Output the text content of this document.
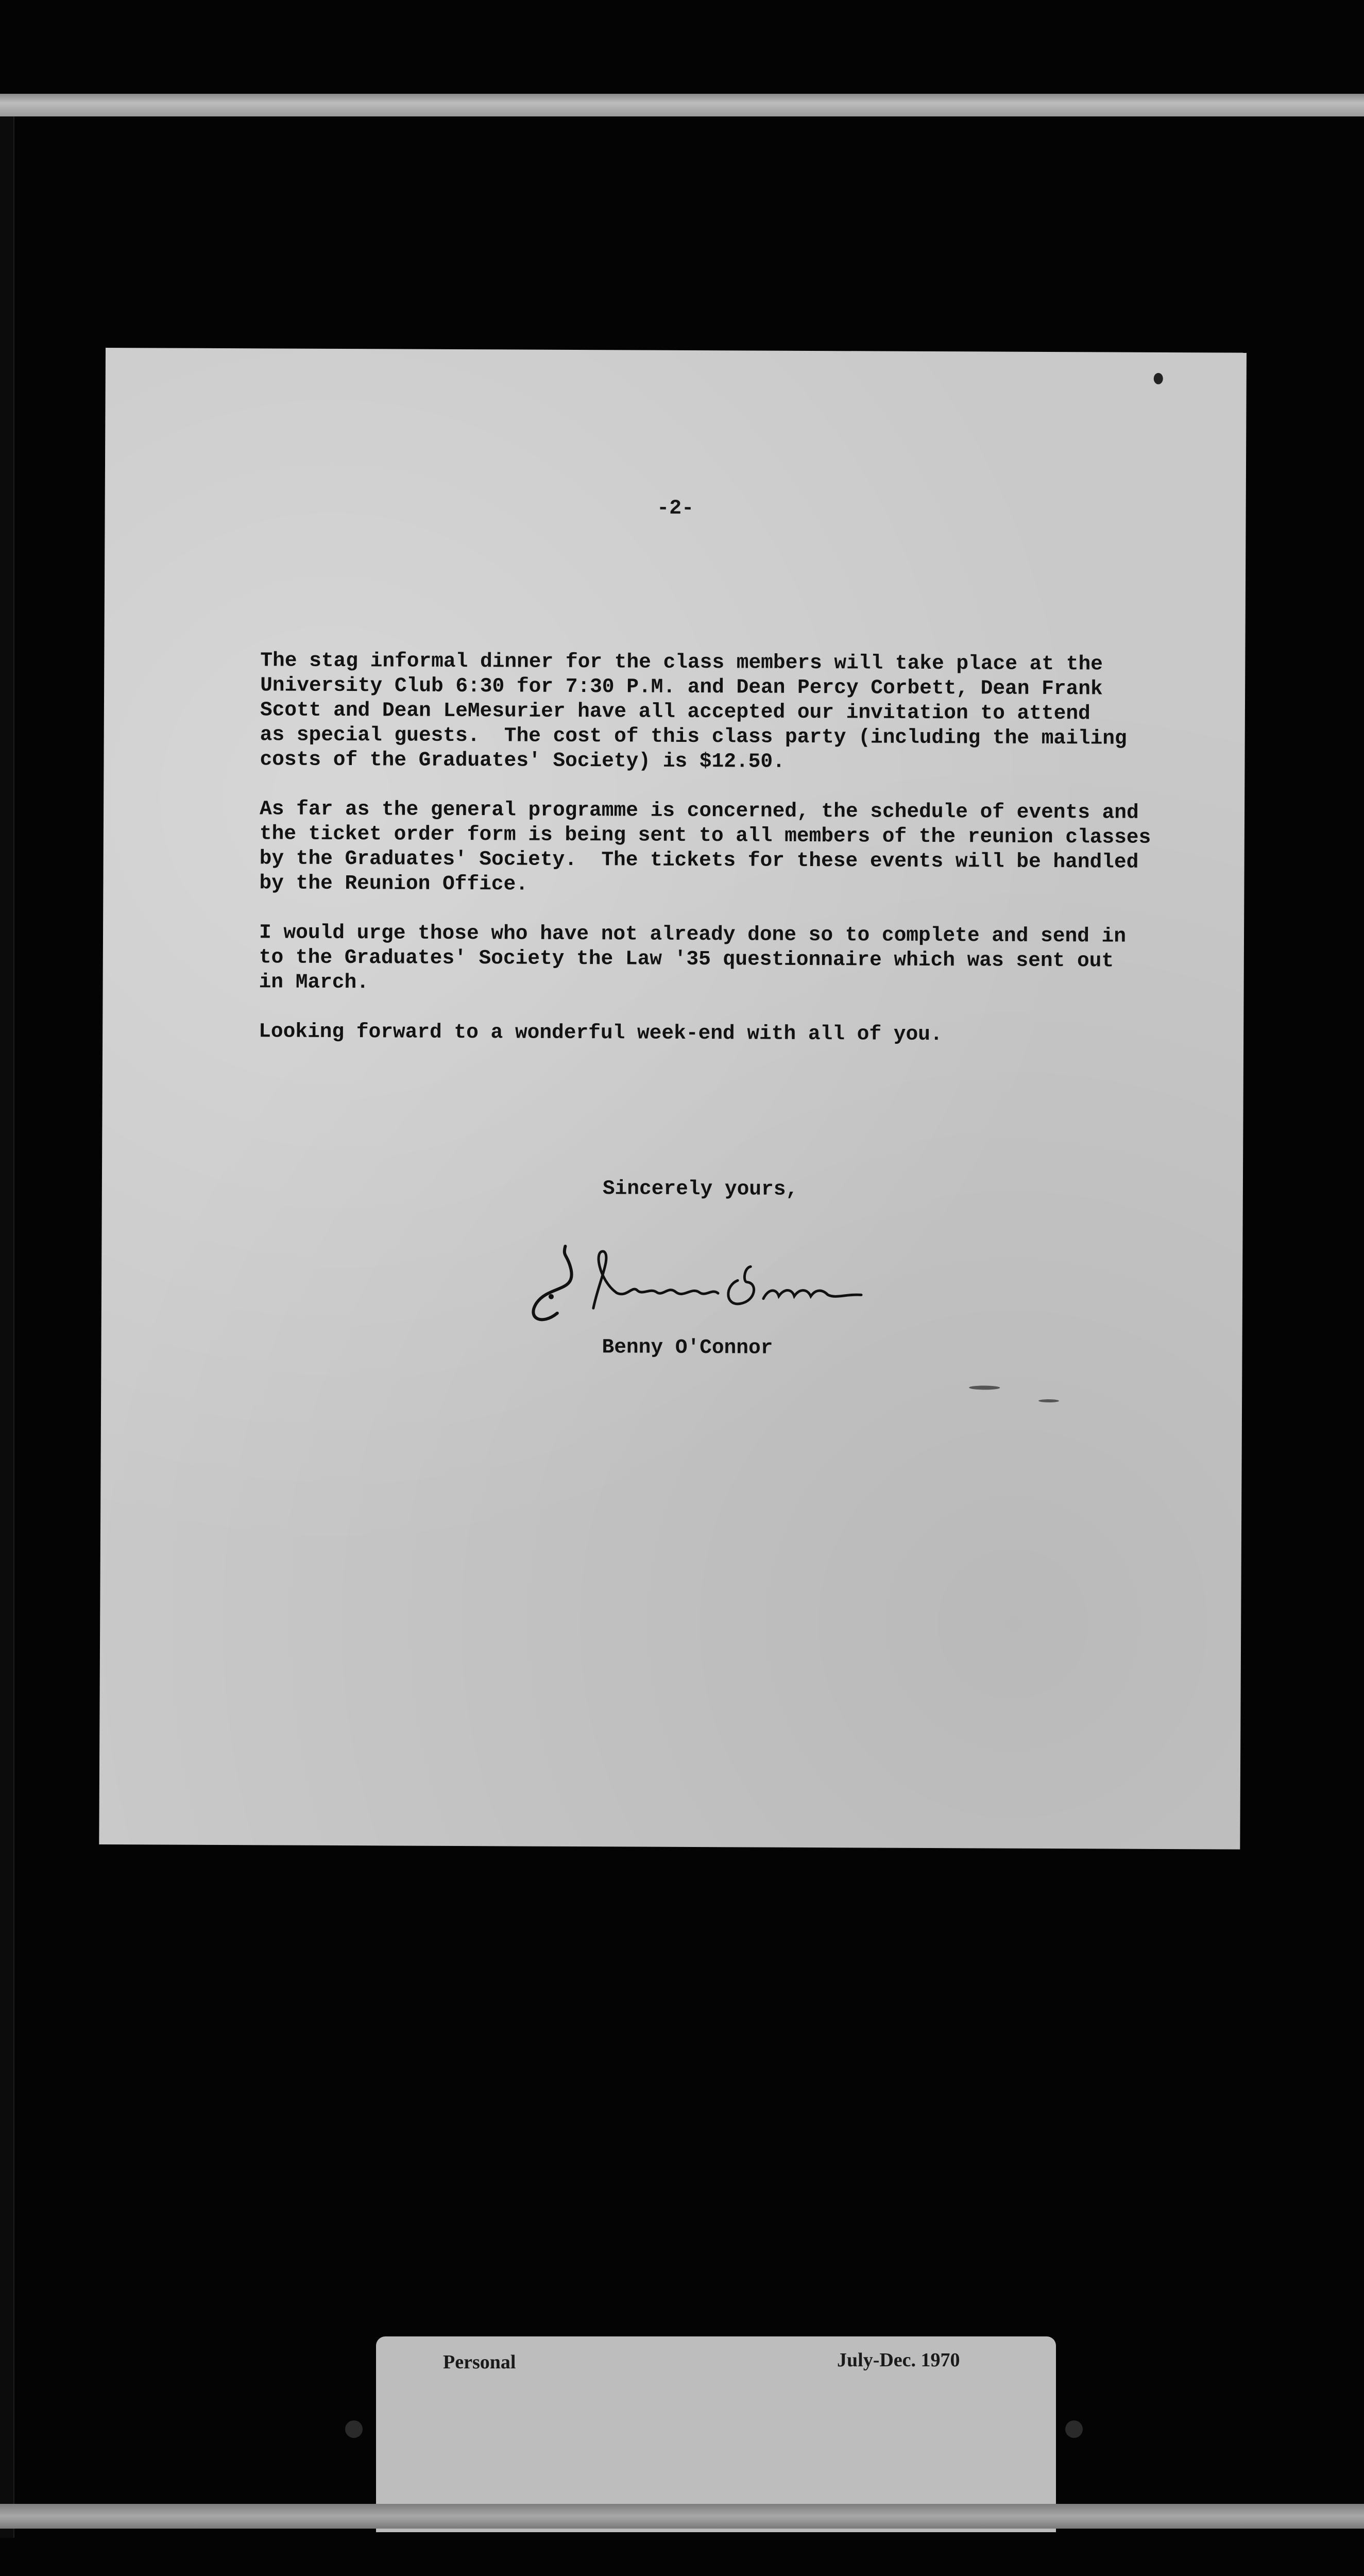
-2-

The stag informal dinner for the class members will take place at the
University Club 6:30 for 7:30 P.M. and Dean Percy Corbett, Dean Frank
Scott and Dean LeMesurier have all accepted our invitation to attend
as special guests.  The cost of this class party (including the mailing
costs of the Graduates' Society) is $12.50.

As far as the general programme is concerned, the schedule of events and
the ticket order form is being sent to all members of the reunion classes
by the Graduates' Society.  The tickets for these events will be handled
by the Reunion Office.

I would urge those who have not already done so to complete and send in
to the Graduates' Society the Law '35 questionnaire which was sent out
in March.

Looking forward to a wonderful week-end with all of you.

Sincerely yours,
Benny O'Connor
Personal	July-Dec. 1970
